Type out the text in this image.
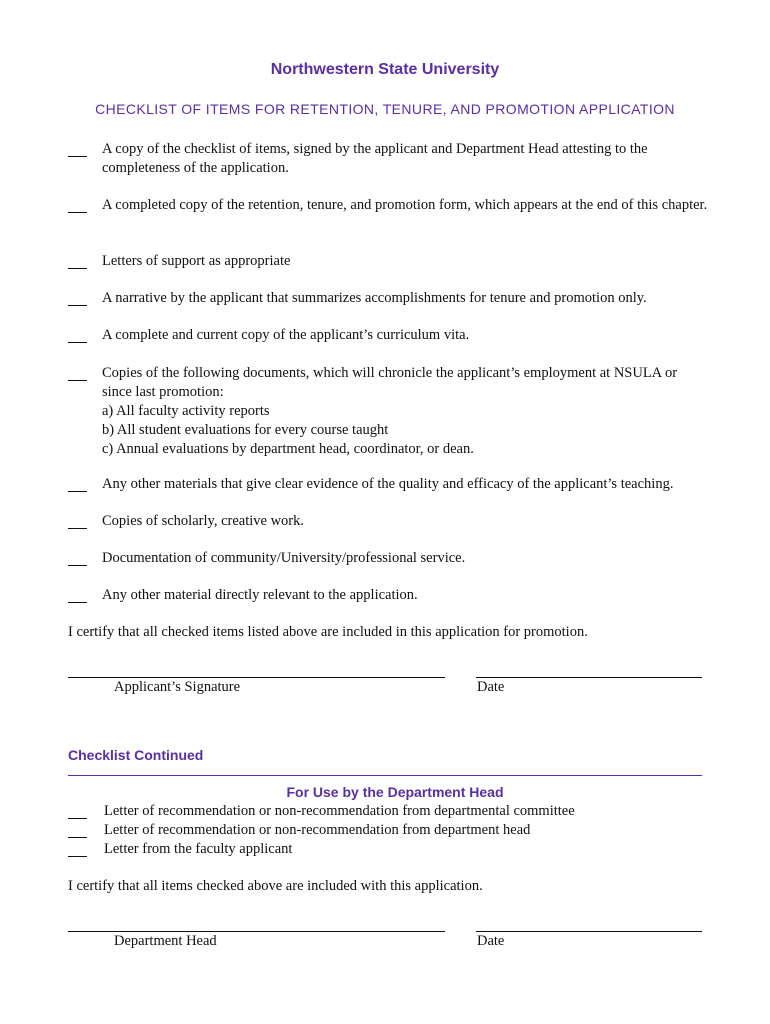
Northwestern State University
CHECKLIST OF ITEMS FOR RETENTION, TENURE, AND PROMOTION APPLICATION
A copy of the checklist of items, signed by the applicant and Department Head attesting to the completeness of the application.
A completed copy of the retention, tenure, and promotion form, which appears at the end of this chapter.
Letters of support as appropriate
A narrative by the applicant that summarizes accomplishments for tenure and promotion only.
A complete and current copy of the applicant’s curriculum vita.
Copies of the following documents, which will chronicle the applicant’s employment at NSULA or since last promotion:
a) All faculty activity reports
b) All student evaluations for every course taught
c) Annual evaluations by department head, coordinator, or dean.
Any other materials that give clear evidence of the quality and efficacy of the applicant’s teaching.
Copies of scholarly, creative work.
Documentation of community/University/professional service.
Any other material directly relevant to the application.
I certify that all checked items listed above are included in this application for promotion.
Applicant’s Signature	Date
Checklist Continued
For Use by the Department Head
Letter of recommendation or non-recommendation from departmental committee
Letter of recommendation or non-recommendation from department head
Letter from the faculty applicant
I certify that all items checked above are included with this application.
Department Head	Date
